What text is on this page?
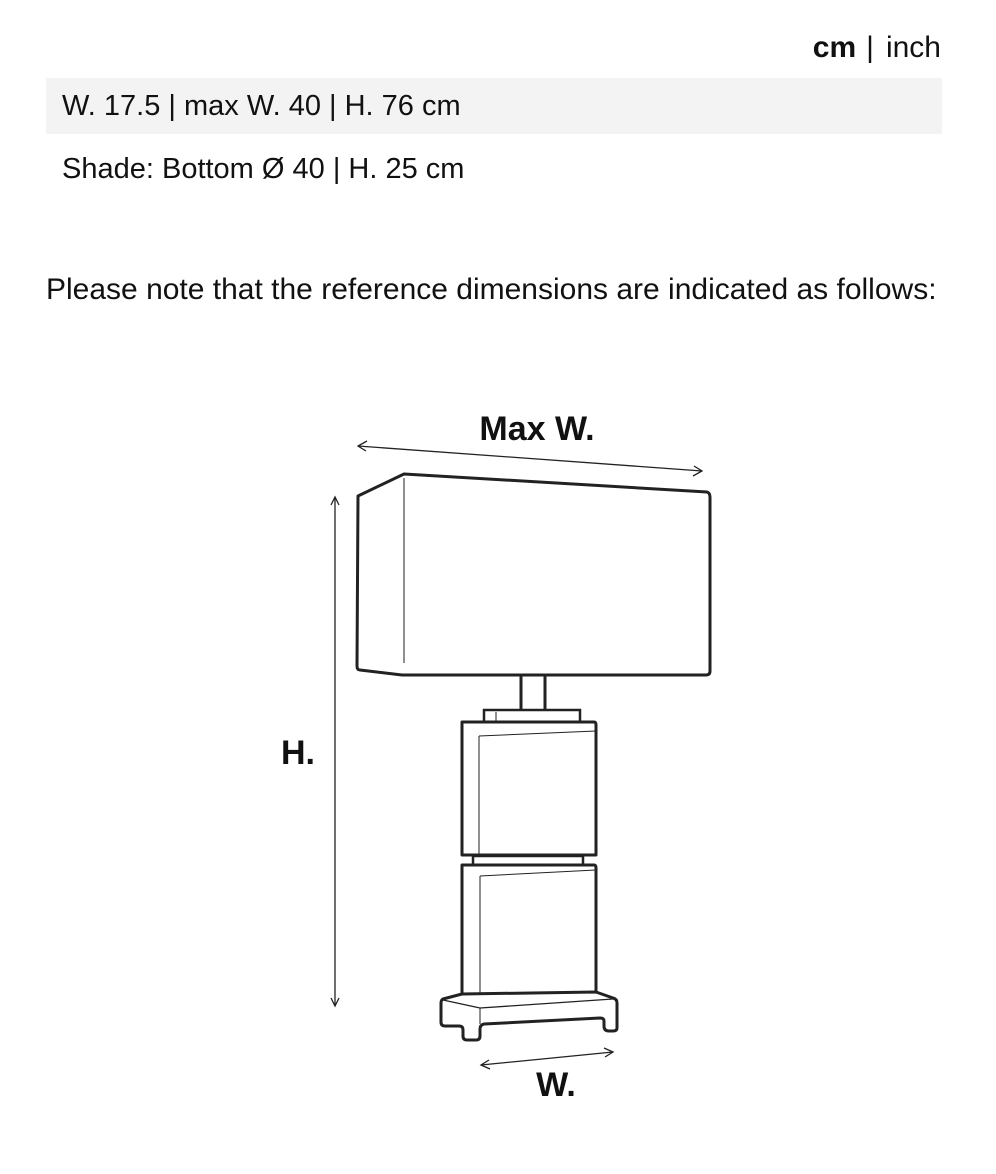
cm | inch
W. 17.5 | max W. 40 | H. 76 cm
Shade: Bottom Ø 40 | H. 25 cm

Please note that the reference dimensions are indicated as follows:

Max W.
H.
W.
